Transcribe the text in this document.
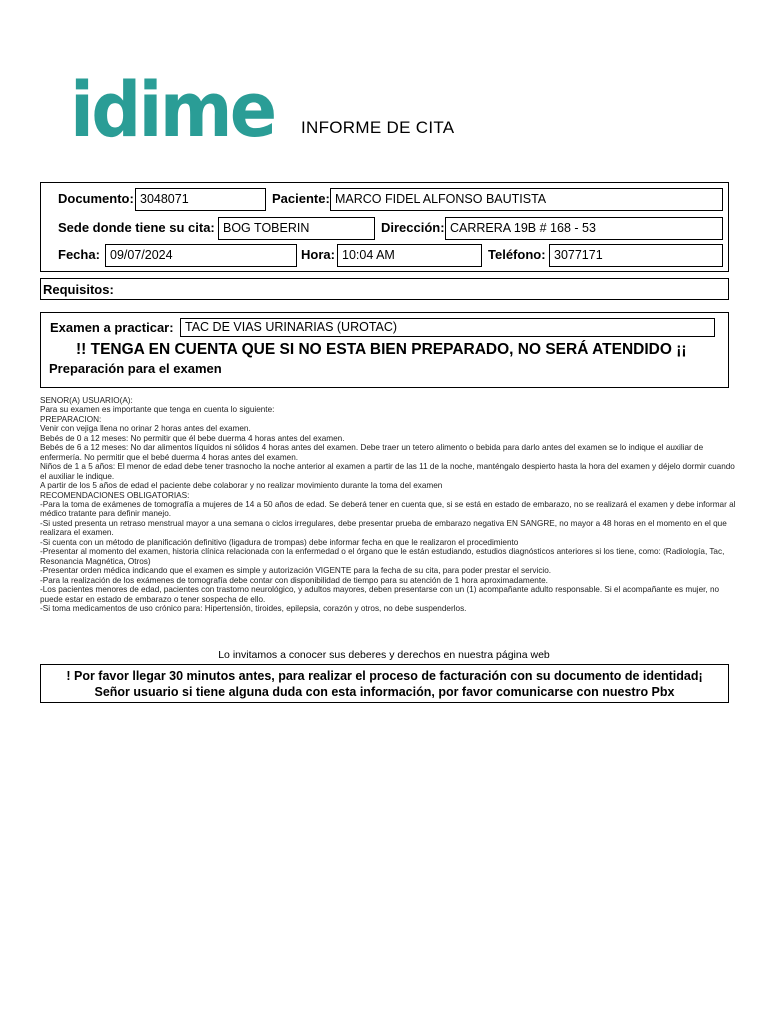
idime INFORME DE CITA
Documento: 3048071	Paciente: MARCO FIDEL ALFONSO BAUTISTA
Sede donde tiene su cita: BOG TOBERIN	Dirección: CARRERA 19B # 168 - 53
Fecha: 09/07/2024	Hora: 10:04 AM	Teléfono: 3077171
Requisitos:
Examen a practicar: TAC DE VIAS URINARIAS (UROTAC)
!! TENGA EN CUENTA QUE SI NO ESTA BIEN PREPARADO, NO SERÁ ATENDIDO ¡¡
Preparación para el examen
SENOR(A) USUARIO(A):
Para su examen es importante que tenga en cuenta lo siguiente:
PREPARACION:
Venir con vejiga llena no orinar 2 horas antes del examen.
Bebés de 0 a 12 meses: No permitir que él bebe duerma 4 horas antes del examen.
Bebés de 6 a 12 meses: No dar alimentos líquidos ni sólidos 4 horas antes del examen. Debe traer un tetero alimento o bebida para darlo antes del examen se lo indique el auxiliar de enfermería. No permitir que el bebé duerma 4 horas antes del examen.
Niños de 1 a 5 años: El menor de edad debe tener trasnocho la noche anterior al examen a partir de las 11 de la noche, manténgalo despierto hasta la hora del examen y déjelo dormir cuando el auxiliar le indique.
A partir de los 5 años de edad el paciente debe colaborar y no realizar movimiento durante la toma del examen
RECOMENDACIONES OBLIGATORIAS:
-Para la toma de exámenes de tomografía a mujeres de 14 a 50 años de edad. Se deberá tener en cuenta que, si se está en estado de embarazo, no se realizará el examen y debe informar al médico tratante para definir manejo.
-Si usted presenta un retraso menstrual mayor a una semana o ciclos irregulares, debe presentar prueba de embarazo negativa EN SANGRE, no mayor a 48 horas en el momento en el que realizara el examen.
-Si cuenta con un método de planificación definitivo (ligadura de trompas) debe informar fecha en que le realizaron el procedimiento
-Presentar al momento del examen, historia clínica relacionada con la enfermedad o el órgano que le están estudiando, estudios diagnósticos anteriores si los tiene, como: (Radiología, Tac, Resonancia Magnética, Otros)
-Presentar orden médica indicando que el examen es simple y autorización VIGENTE para la fecha de su cita, para poder prestar el servicio.
-Para la realización de los exámenes de tomografía debe contar con disponibilidad de tiempo para su atención de 1 hora aproximadamente.
-Los pacientes menores de edad, pacientes con trastorno neurológico, y adultos mayores, deben presentarse con un (1) acompañante adulto responsable. Si el acompañante es mujer, no puede estar en estado de embarazo o tener sospecha de ello.
-Si toma medicamentos de uso crónico para: Hipertensión, tiroides, epilepsia, corazón y otros, no debe suspenderlos.
Lo invitamos a conocer sus deberes y derechos en nuestra página web
! Por favor llegar 30 minutos antes, para realizar el proceso de facturación con su documento de identidad¡
Señor usuario si tiene alguna duda con esta información, por favor comunicarse con nuestro Pbx
